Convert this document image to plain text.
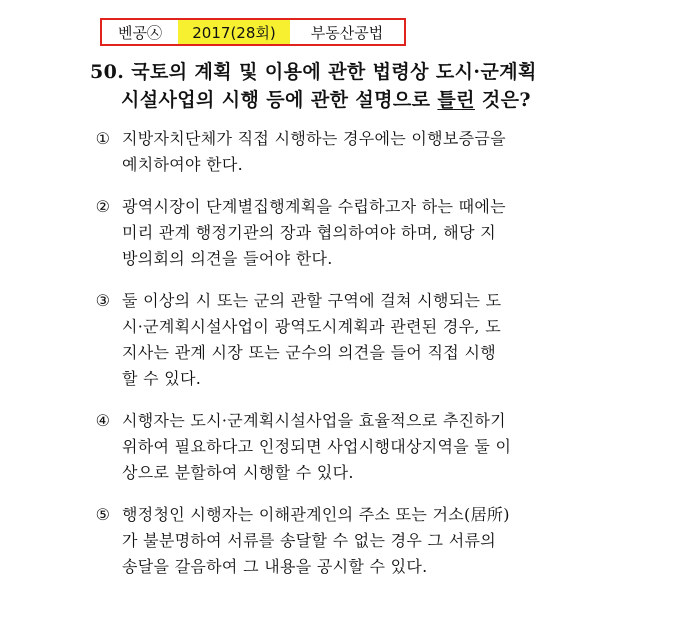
벤공㉦	2017(28회)	부동산공법
50. 국토의 계획 및 이용에 관한 법령상 도시·군계획
시설사업의 시행 등에 관한 설명으로 틀린 것은?
① 지방자치단체가 직접 시행하는 경우에는 이행보증금을
예치하여야 한다.
② 광역시장이 단계별집행계획을 수립하고자 하는 때에는
미리 관계 행정기관의 장과 협의하여야 하며, 해당 지
방의회의 의견을 들어야 한다.
③ 둘 이상의 시 또는 군의 관할 구역에 걸쳐 시행되는 도
시·군계획시설사업이 광역도시계획과 관련된 경우, 도
지사는 관계 시장 또는 군수의 의견을 들어 직접 시행
할 수 있다.
④ 시행자는 도시·군계획시설사업을 효율적으로 추진하기
위하여 필요하다고 인정되면 사업시행대상지역을 둘 이
상으로 분할하여 시행할 수 있다.
⑤ 행정청인 시행자는 이해관계인의 주소 또는 거소(居所)
가 불분명하여 서류를 송달할 수 없는 경우 그 서류의
송달을 갈음하여 그 내용을 공시할 수 있다.
